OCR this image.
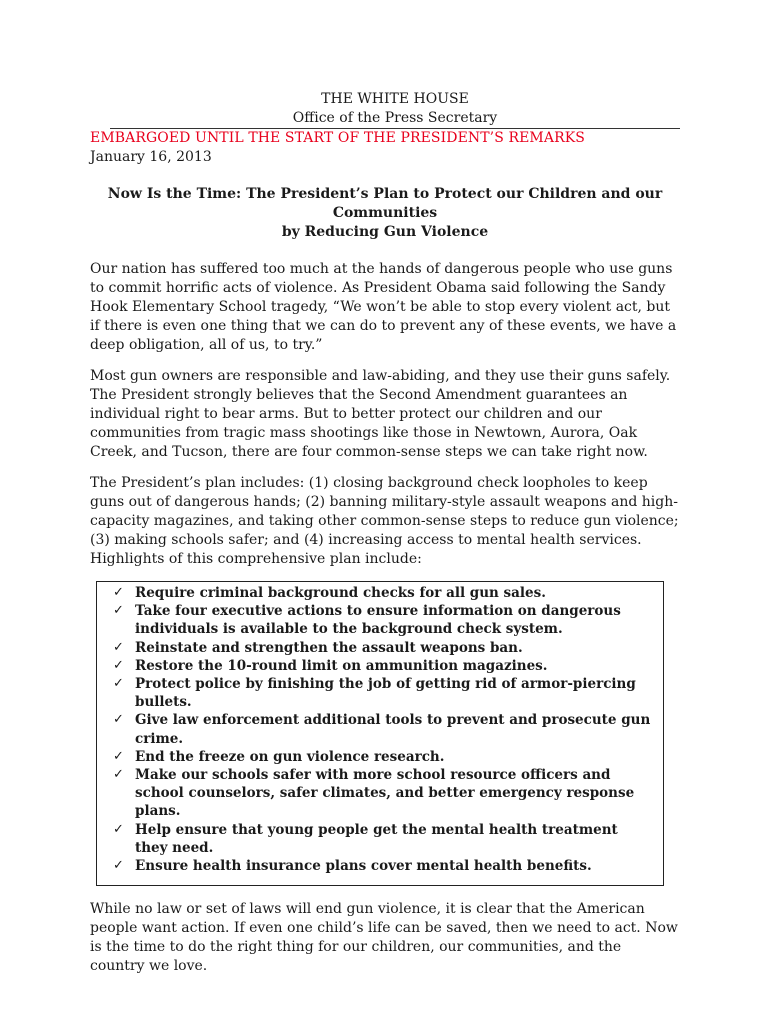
THE WHITE HOUSE
Office of the Press Secretary
EMBARGOED UNTIL THE START OF THE PRESIDENT’S REMARKS
January 16, 2013
Now Is the Time: The President’s Plan to Protect our Children and our Communities
by Reducing Gun Violence

Our nation has suffered too much at the hands of dangerous people who use guns to commit horrific acts of violence. As President Obama said following the Sandy Hook Elementary School tragedy, “We won’t be able to stop every violent act, but if there is even one thing that we can do to prevent any of these events, we have a deep obligation, all of us, to try.”

Most gun owners are responsible and law-abiding, and they use their guns safely. The President strongly believes that the Second Amendment guarantees an individual right to bear arms. But to better protect our children and our communities from tragic mass shootings like those in Newtown, Aurora, Oak Creek, and Tucson, there are four common-sense steps we can take right now.

The President’s plan includes: (1) closing background check loopholes to keep guns out of dangerous hands; (2) banning military-style assault weapons and high-capacity magazines, and taking other common-sense steps to reduce gun violence; (3) making schools safer; and (4) increasing access to mental health services. Highlights of this comprehensive plan include:

✓ Require criminal background checks for all gun sales.
✓ Take four executive actions to ensure information on dangerous individuals is available to the background check system.
✓ Reinstate and strengthen the assault weapons ban.
✓ Restore the 10-round limit on ammunition magazines.
✓ Protect police by finishing the job of getting rid of armor-piercing bullets.
✓ Give law enforcement additional tools to prevent and prosecute gun crime.
✓ End the freeze on gun violence research.
✓ Make our schools safer with more school resource officers and school counselors, safer climates, and better emergency response plans.
✓ Help ensure that young people get the mental health treatment they need.
✓ Ensure health insurance plans cover mental health benefits.

While no law or set of laws will end gun violence, it is clear that the American people want action. If even one child’s life can be saved, then we need to act. Now is the time to do the right thing for our children, our communities, and the country we love.
